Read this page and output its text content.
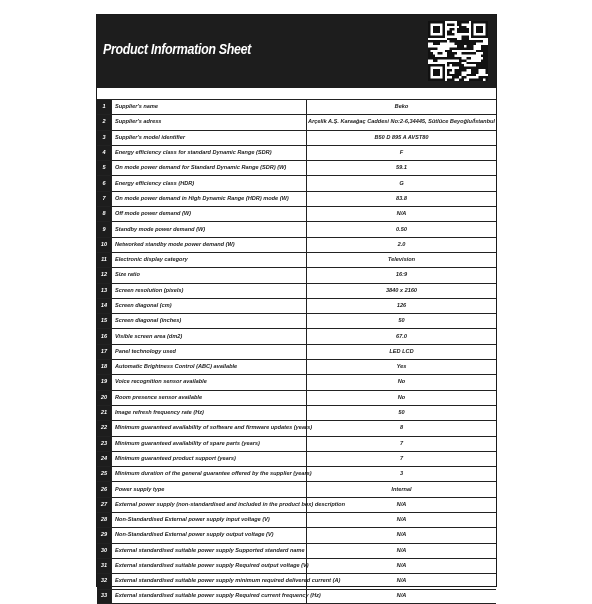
Product Information Sheet
1	Supplier's name	Beko
2	Supplier's adress	Arçelik A.Ş. Karaağaç Caddesi No:2-6,34445, Sütlüce Beyoğlu/İstanbul
3	Supplier's model identifier	B50 D 895 A AVST80
4	Energy efficiency class for standard Dynamic Range (SDR)	F
5	On mode power demand for Standard Dynamic Range (SDR) (W)	59.1
6	Energy efficiency class (HDR)	G
7	On mode power demand in High Dynamic Range (HDR) mode (W)	83.8
8	Off mode power demand (W)	N/A
9	Standby mode power demand (W)	0.50
10	Networked standby mode power demand (W)	2.0
11	Electronic display category	Television
12	Size ratio	16:9
13	Screen resolution (pixels)	3840 x 2160
14	Screen diagonal (cm)	126
15	Screen diagonal (inches)	50
16	Visible screen area (dm2)	67.0
17	Panel technology used	LED LCD
18	Automatic Brightness Control (ABC) available	Yes
19	Voice recognition sensor available	No
20	Room presence sensor available	No
21	Image refresh frequency rate (Hz)	50
22	Minimum guaranteed availability of software and firmware updates (years)	8
23	Minimum guaranteed availability of spare parts (years)	7
24	Minimum guaranteed product support (years)	7
25	Minimum duration of the general guarantee offered by the supplier (years)	3
26	Power supply type	Internal
27	External power supply (non-standardised and included in the product box) description	N/A
28	Non-Standardised External power supply input voltage (V)	N/A
29	Non-Standardised External power supply output voltage (V)	N/A
30	External standardised suitable power supply Supported standard name	N/A
31	External standardised suitable power supply Required output voltage (V)	N/A
32	External standardised suitable power supply minimum required delivered current (A)	N/A
33	External standardised suitable power supply Required current frequency (Hz)	N/A
